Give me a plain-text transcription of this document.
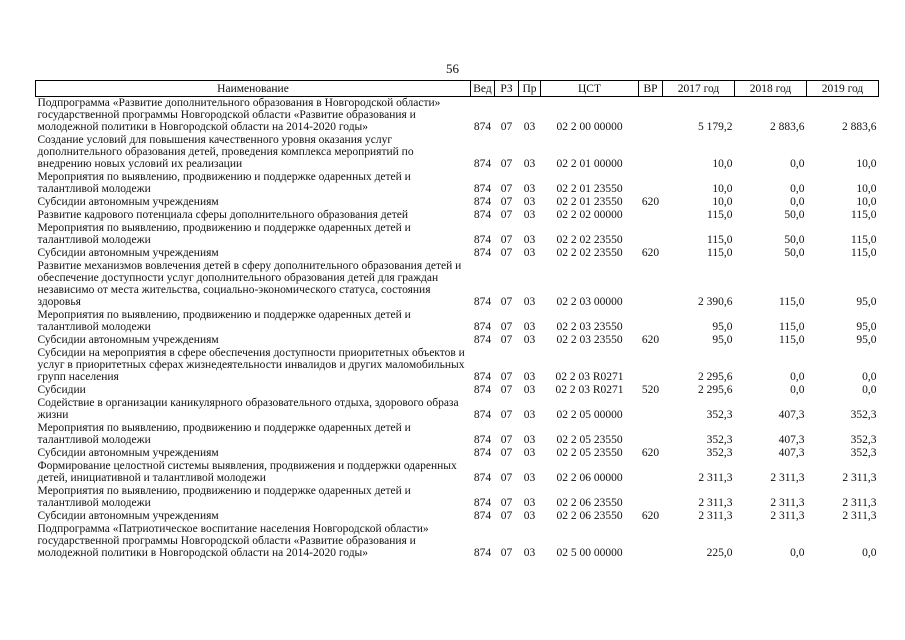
56
Наименование	Вед	РЗ	Пр	ЦСТ	ВР	2017 год	2018 год	2019 год
Подпрограмма «Развитие дополнительного образования в Новгородской области» государственной программы Новгородской области «Развитие образования и молодежной политики в Новгородской области на 2014-2020 годы»	874	07	03	02 2 00 00000		5 179,2	2 883,6	2 883,6
Создание условий для повышения качественного уровня оказания услуг дополнительного образования детей, проведения комплекса мероприятий по внедрению новых условий их реализации	874	07	03	02 2 01 00000		10,0	0,0	10,0
Мероприятия по выявлению, продвижению и поддержке одаренных детей и талантливой молодежи	874	07	03	02 2 01 23550		10,0	0,0	10,0
Субсидии автономным учреждениям	874	07	03	02 2 01 23550	620	10,0	0,0	10,0
Развитие кадрового потенциала сферы дополнительного образования детей	874	07	03	02 2 02 00000		115,0	50,0	115,0
Мероприятия по выявлению, продвижению и поддержке одаренных детей и талантливой молодежи	874	07	03	02 2 02 23550		115,0	50,0	115,0
Субсидии автономным учреждениям	874	07	03	02 2 02 23550	620	115,0	50,0	115,0
Развитие механизмов вовлечения детей в сферу дополнительного образования детей и обеспечение доступности услуг дополнительного образования детей для граждан независимо от места жительства, социально-экономического статуса, состояния здоровья	874	07	03	02 2 03 00000		2 390,6	115,0	95,0
Мероприятия по выявлению, продвижению и поддержке одаренных детей и талантливой молодежи	874	07	03	02 2 03 23550		95,0	115,0	95,0
Субсидии автономным учреждениям	874	07	03	02 2 03 23550	620	95,0	115,0	95,0
Субсидии на мероприятия в сфере обеспечения доступности приоритетных объектов и услуг в приоритетных сферах жизнедеятельности инвалидов и других маломобильных групп населения	874	07	03	02 2 03 R0271		2 295,6	0,0	0,0
Субсидии	874	07	03	02 2 03 R0271	520	2 295,6	0,0	0,0
Содействие в организации каникулярного образовательного отдыха, здорового образа жизни	874	07	03	02 2 05 00000		352,3	407,3	352,3
Мероприятия по выявлению, продвижению и поддержке одаренных детей и талантливой молодежи	874	07	03	02 2 05 23550		352,3	407,3	352,3
Субсидии автономным учреждениям	874	07	03	02 2 05 23550	620	352,3	407,3	352,3
Формирование целостной системы выявления, продвижения и поддержки одаренных детей, инициативной и талантливой молодежи	874	07	03	02 2 06 00000		2 311,3	2 311,3	2 311,3
Мероприятия по выявлению, продвижению и поддержке одаренных детей и талантливой молодежи	874	07	03	02 2 06 23550		2 311,3	2 311,3	2 311,3
Субсидии автономным учреждениям	874	07	03	02 2 06 23550	620	2 311,3	2 311,3	2 311,3
Подпрограмма «Патриотическое воспитание населения Новгородской области» государственной программы Новгородской области «Развитие образования и молодежной политики в Новгородской области на 2014-2020 годы»	874	07	03	02 5 00 00000		225,0	0,0	0,0
